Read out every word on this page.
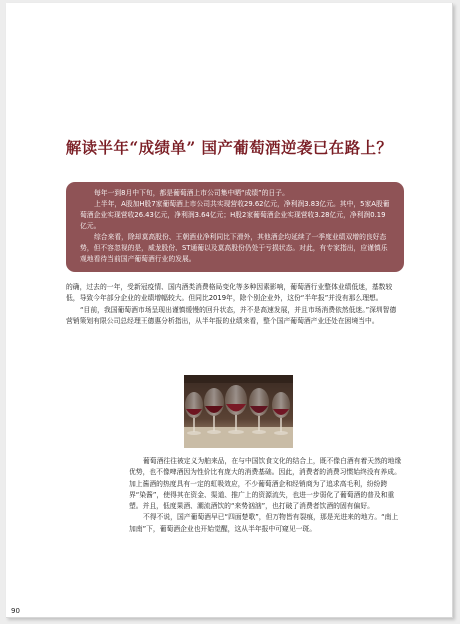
解读半年“成绩单” 国产葡萄酒逆袭已在路上？

每年一到8月中下旬，都是葡萄酒上市公司集中晒“成绩”的日子。

上半年，A股加H股7家葡萄酒上市公司共实现营收29.62亿元，净利润3.83亿元。其中，5家A股葡萄酒企业实现营收26.43亿元，净利润3.64亿元；H股2家葡萄酒企业实现营收3.28亿元，净利润0.19亿元。

综合来看，除却莫高股份、王朝酒业净利同比下滑外，其他酒企均延续了一季度业绩双增的良好态势，但不容忽视的是，威龙股份、ST通葡以及莫高股份仍处于亏损状态。对此，有专家指出，应谨慎乐观地看待当前国产葡萄酒行业的发展。

的确，过去的一年，受新冠疫情、国内酒类消费格局变化等多种因素影响，葡萄酒行业整体业绩低迷，基数较低，导致今年部分企业的业绩增幅较大。但同比2019年，除个别企业外，这份“半年报”并没有那么理想。

“目前，我国葡萄酒市场呈现出谨慎缓慢的回升状态，并不是高速发展，并且市场消费依然低迷。”深圳智德营销策划有限公司总经理王德惠分析指出，从半年报的业绩来看，整个国产葡萄酒产业还处在困境当中。

葡萄酒往往被定义为舶来品，在与中国饮食文化的结合上，既不像白酒有着天然的地缘优势，也不像啤酒因为性价比有庞大的消费基础。因此，消费者的消费习惯始终没有养成。加上酱酒的热度具有一定的虹吸效应，不少葡萄酒企和经销商为了追求高毛利，纷纷跨界“染酱”，使得其在资金、渠道、推广上的资源流失，也进一步弱化了葡萄酒的普及和重塑。并且，低度果酒、潮流酒饮的“来势汹汹”，也打破了消费者饮酒的固有偏好。

不得不说，国产葡萄酒早已“四面楚歌”，但万物皆有裂痕，那是光进来的地方。“南上加南”下，葡萄酒企业也开始觉醒，这从半年报中可窥见一斑。

90
